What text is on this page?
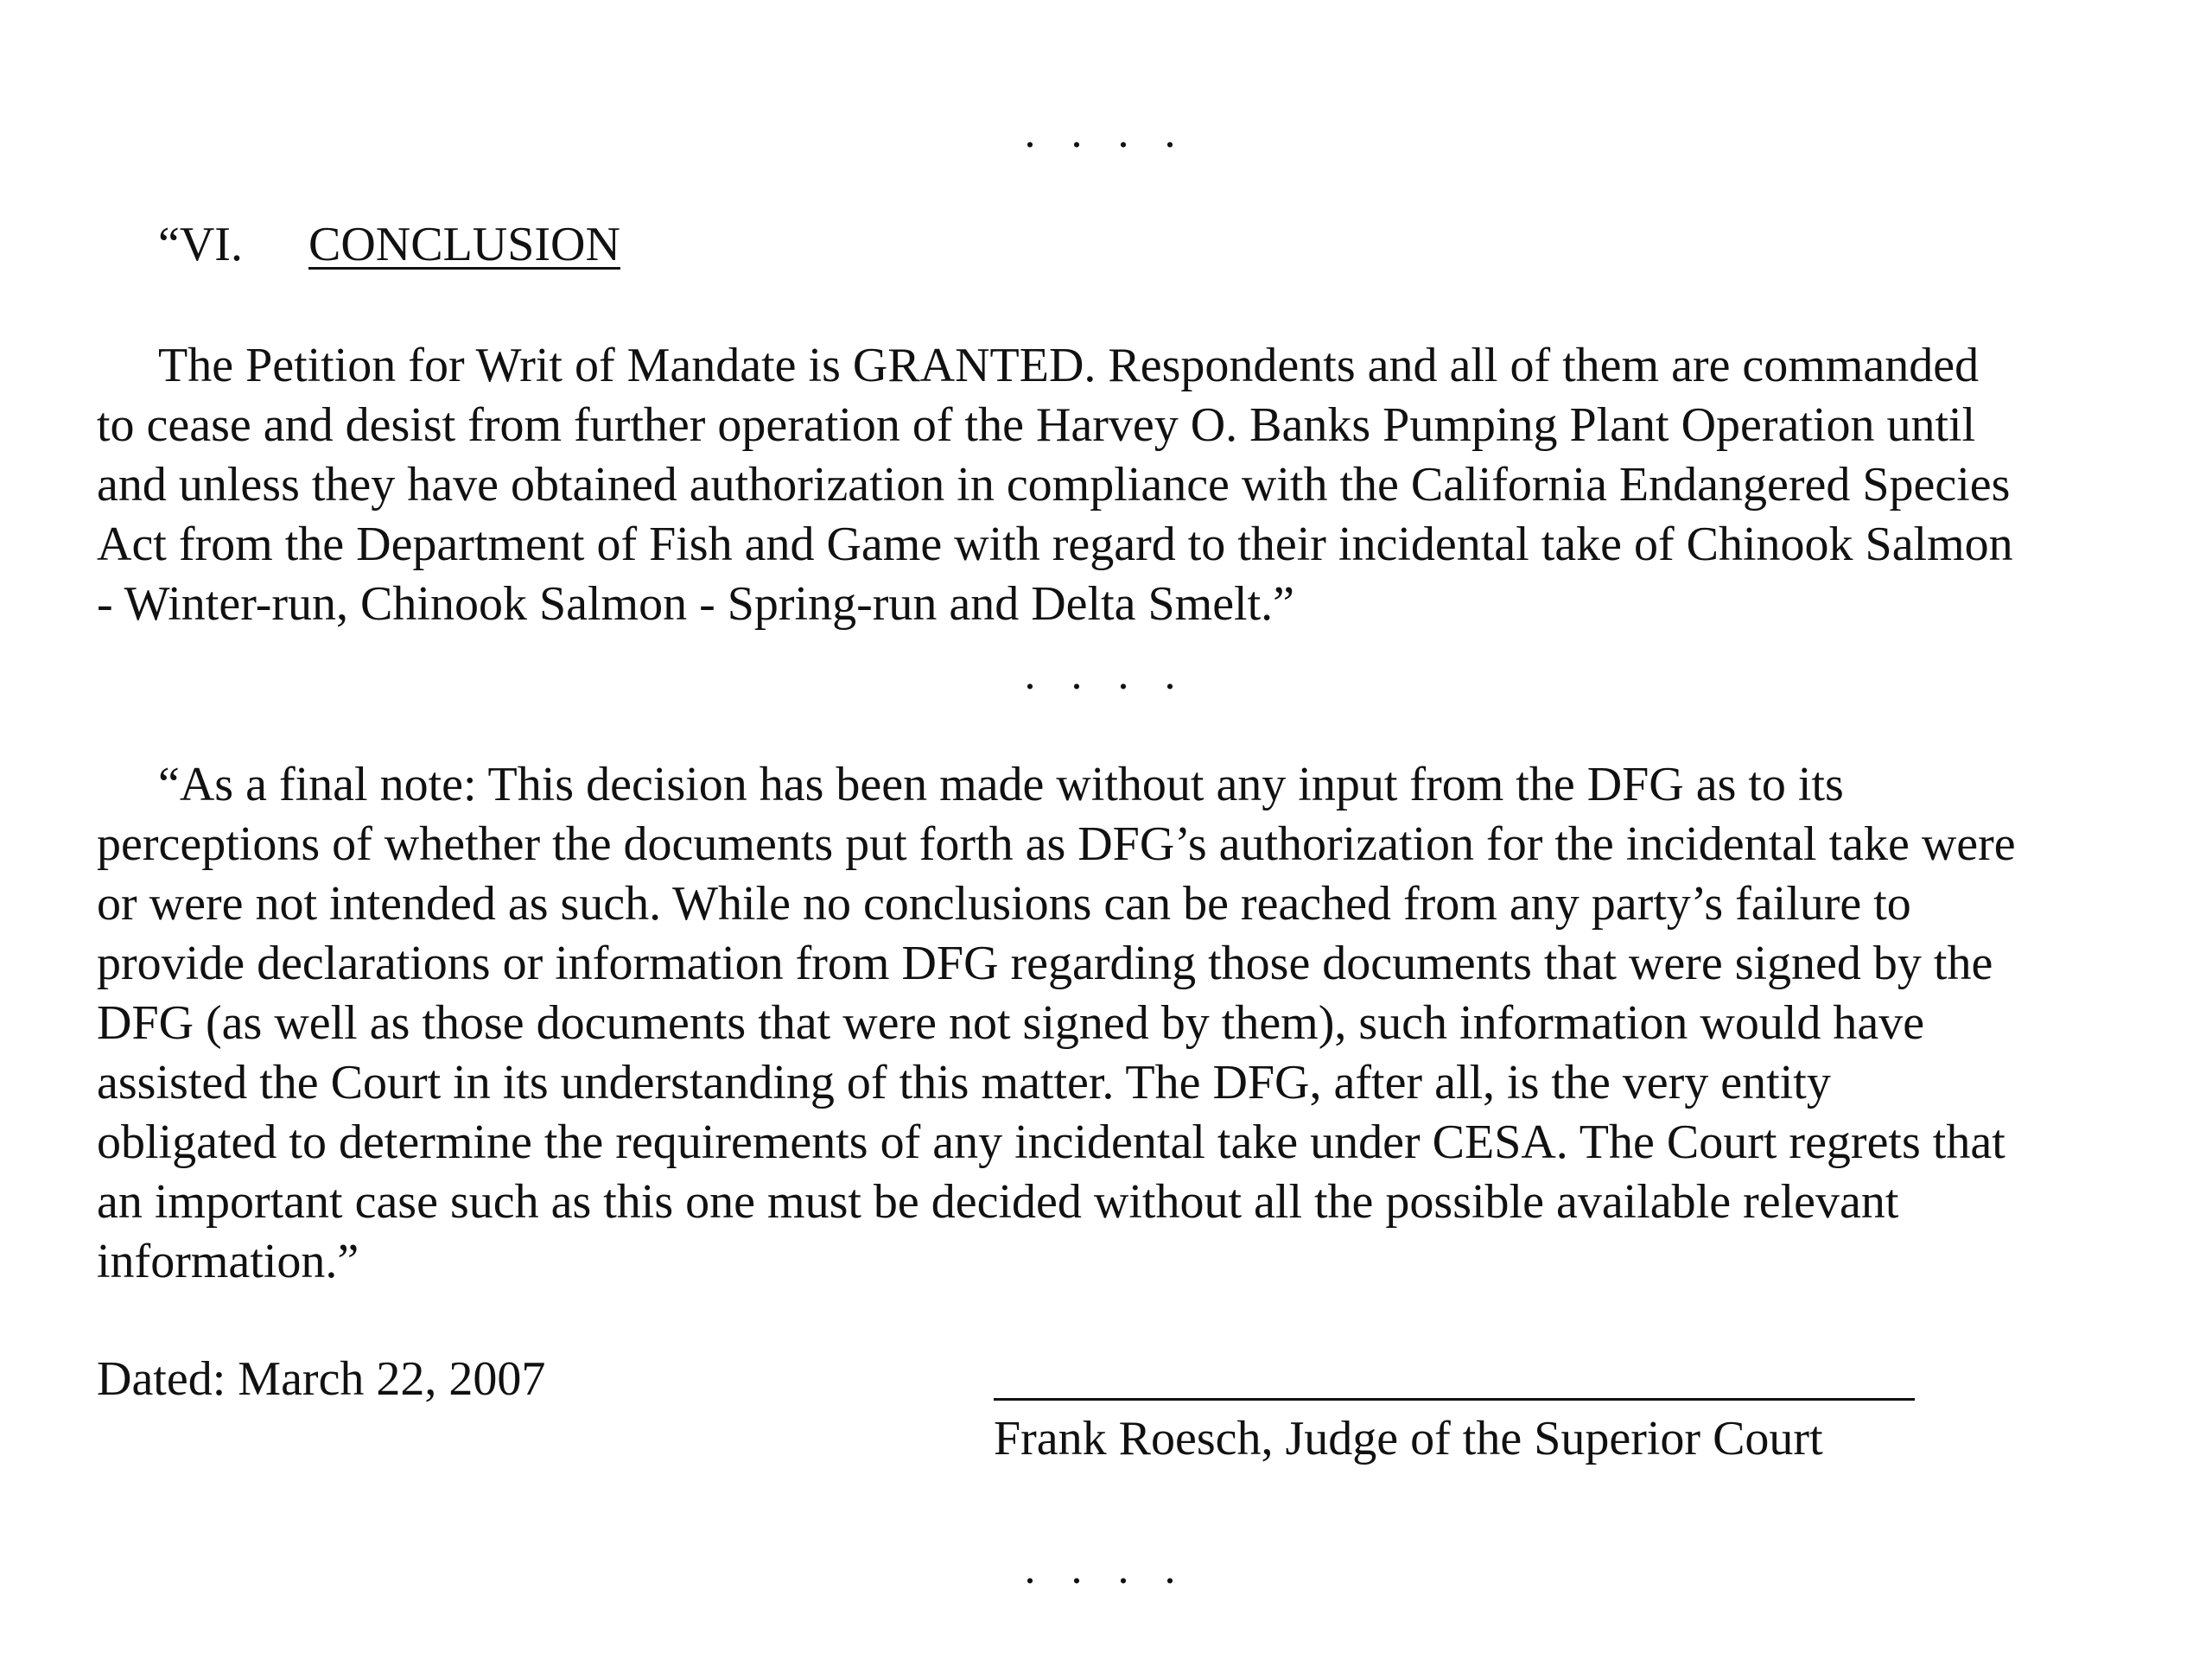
. . . .
“VI. CONCLUSION

The Petition for Writ of Mandate is GRANTED. Respondents and all of them are commanded
to cease and desist from further operation of the Harvey O. Banks Pumping Plant Operation until
and unless they have obtained authorization in compliance with the California Endangered Species
Act from the Department of Fish and Game with regard to their incidental take of Chinook Salmon
- Winter-run, Chinook Salmon - Spring-run and Delta Smelt.”

. . . .

“As a final note: This decision has been made without any input from the DFG as to its
perceptions of whether the documents put forth as DFG’s authorization for the incidental take were
or were not intended as such. While no conclusions can be reached from any party’s failure to
provide declarations or information from DFG regarding those documents that were signed by the
DFG (as well as those documents that were not signed by them), such information would have
assisted the Court in its understanding of this matter. The DFG, after all, is the very entity
obligated to determine the requirements of any incidental take under CESA. The Court regrets that
an important case such as this one must be decided without all the possible available relevant
information.”

Dated: March 22, 2007
Frank Roesch, Judge of the Superior Court
. . . .
